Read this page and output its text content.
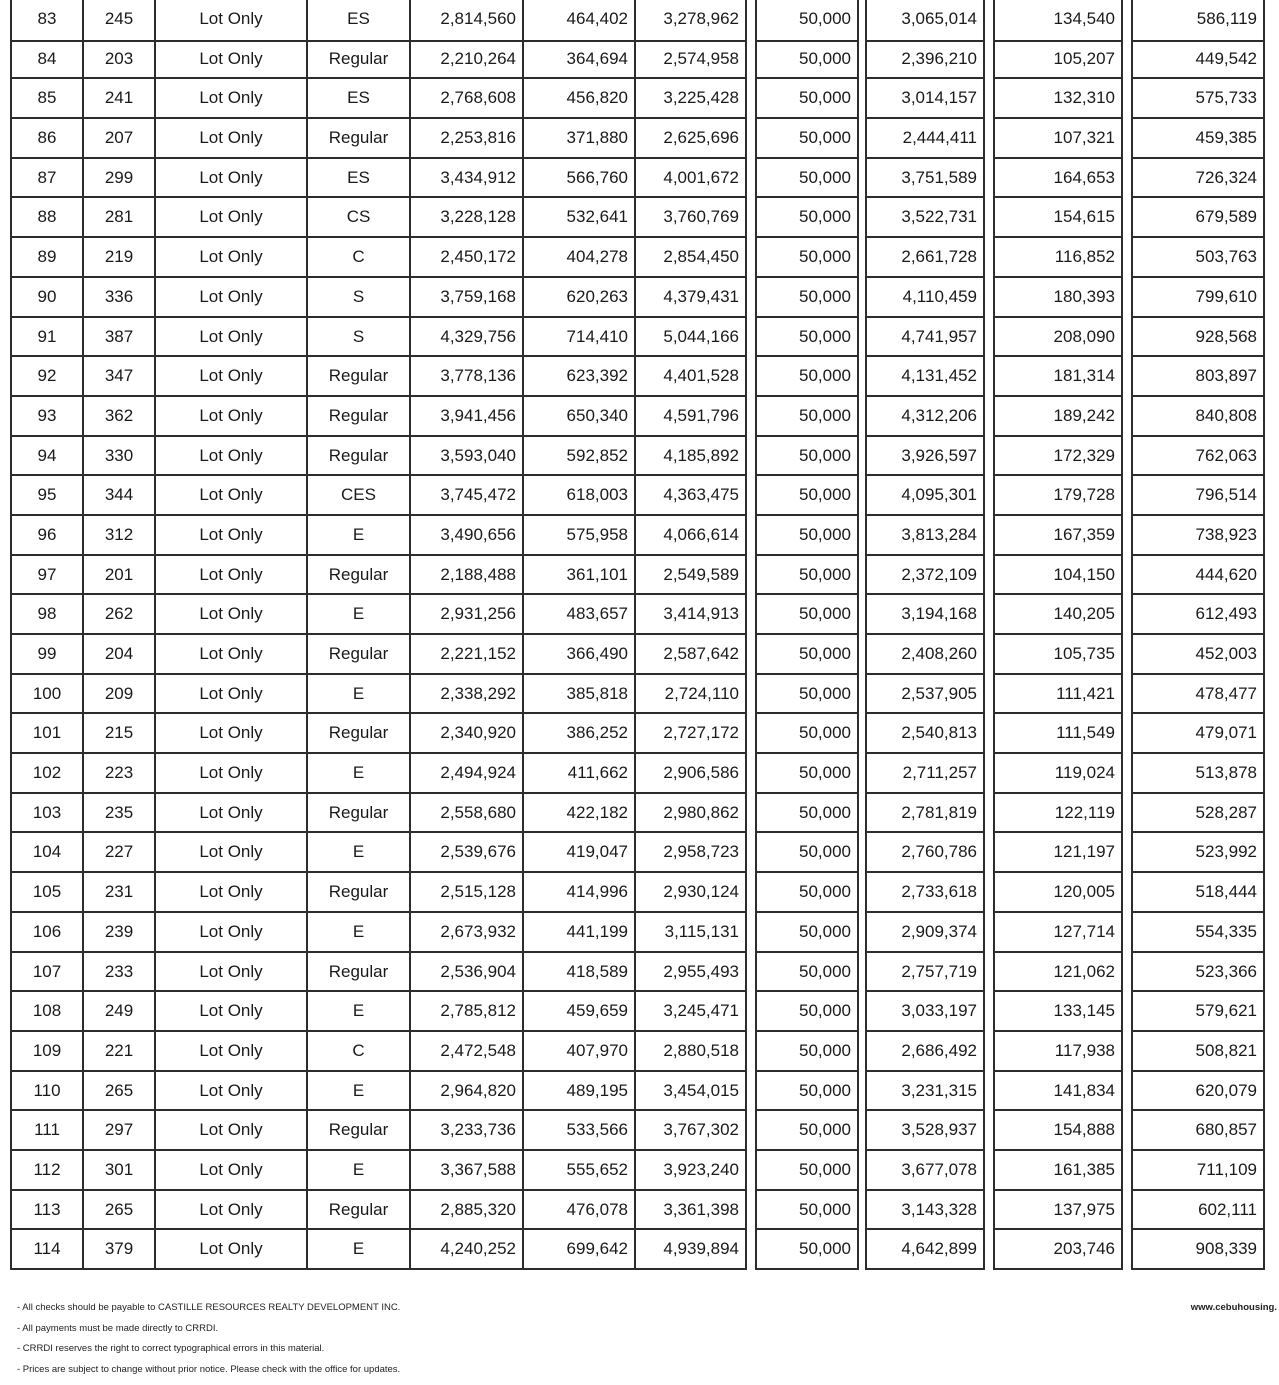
83	245	Lot Only	ES	2,814,560	464,402	3,278,962	50,000	3,065,014	134,540	586,119
84	203	Lot Only	Regular	2,210,264	364,694	2,574,958	50,000	2,396,210	105,207	449,542
85	241	Lot Only	ES	2,768,608	456,820	3,225,428	50,000	3,014,157	132,310	575,733
86	207	Lot Only	Regular	2,253,816	371,880	2,625,696	50,000	2,444,411	107,321	459,385
87	299	Lot Only	ES	3,434,912	566,760	4,001,672	50,000	3,751,589	164,653	726,324
88	281	Lot Only	CS	3,228,128	532,641	3,760,769	50,000	3,522,731	154,615	679,589
89	219	Lot Only	C	2,450,172	404,278	2,854,450	50,000	2,661,728	116,852	503,763
90	336	Lot Only	S	3,759,168	620,263	4,379,431	50,000	4,110,459	180,393	799,610
91	387	Lot Only	S	4,329,756	714,410	5,044,166	50,000	4,741,957	208,090	928,568
92	347	Lot Only	Regular	3,778,136	623,392	4,401,528	50,000	4,131,452	181,314	803,897
93	362	Lot Only	Regular	3,941,456	650,340	4,591,796	50,000	4,312,206	189,242	840,808
94	330	Lot Only	Regular	3,593,040	592,852	4,185,892	50,000	3,926,597	172,329	762,063
95	344	Lot Only	CES	3,745,472	618,003	4,363,475	50,000	4,095,301	179,728	796,514
96	312	Lot Only	E	3,490,656	575,958	4,066,614	50,000	3,813,284	167,359	738,923
97	201	Lot Only	Regular	2,188,488	361,101	2,549,589	50,000	2,372,109	104,150	444,620
98	262	Lot Only	E	2,931,256	483,657	3,414,913	50,000	3,194,168	140,205	612,493
99	204	Lot Only	Regular	2,221,152	366,490	2,587,642	50,000	2,408,260	105,735	452,003
100	209	Lot Only	E	2,338,292	385,818	2,724,110	50,000	2,537,905	111,421	478,477
101	215	Lot Only	Regular	2,340,920	386,252	2,727,172	50,000	2,540,813	111,549	479,071
102	223	Lot Only	E	2,494,924	411,662	2,906,586	50,000	2,711,257	119,024	513,878
103	235	Lot Only	Regular	2,558,680	422,182	2,980,862	50,000	2,781,819	122,119	528,287
104	227	Lot Only	E	2,539,676	419,047	2,958,723	50,000	2,760,786	121,197	523,992
105	231	Lot Only	Regular	2,515,128	414,996	2,930,124	50,000	2,733,618	120,005	518,444
106	239	Lot Only	E	2,673,932	441,199	3,115,131	50,000	2,909,374	127,714	554,335
107	233	Lot Only	Regular	2,536,904	418,589	2,955,493	50,000	2,757,719	121,062	523,366
108	249	Lot Only	E	2,785,812	459,659	3,245,471	50,000	3,033,197	133,145	579,621
109	221	Lot Only	C	2,472,548	407,970	2,880,518	50,000	2,686,492	117,938	508,821
110	265	Lot Only	E	2,964,820	489,195	3,454,015	50,000	3,231,315	141,834	620,079
111	297	Lot Only	Regular	3,233,736	533,566	3,767,302	50,000	3,528,937	154,888	680,857
112	301	Lot Only	E	3,367,588	555,652	3,923,240	50,000	3,677,078	161,385	711,109
113	265	Lot Only	Regular	2,885,320	476,078	3,361,398	50,000	3,143,328	137,975	602,111
114	379	Lot Only	E	4,240,252	699,642	4,939,894	50,000	4,642,899	203,746	908,339
- All checks should be payable to CASTILLE RESOURCES REALTY DEVELOPMENT INC.
- All payments must be made directly to CRRDI.
- CRRDI reserves the right to correct typographical errors in this material.
- Prices are subject to change without prior notice. Please check with the office for updates.
www.cebuhousing.
